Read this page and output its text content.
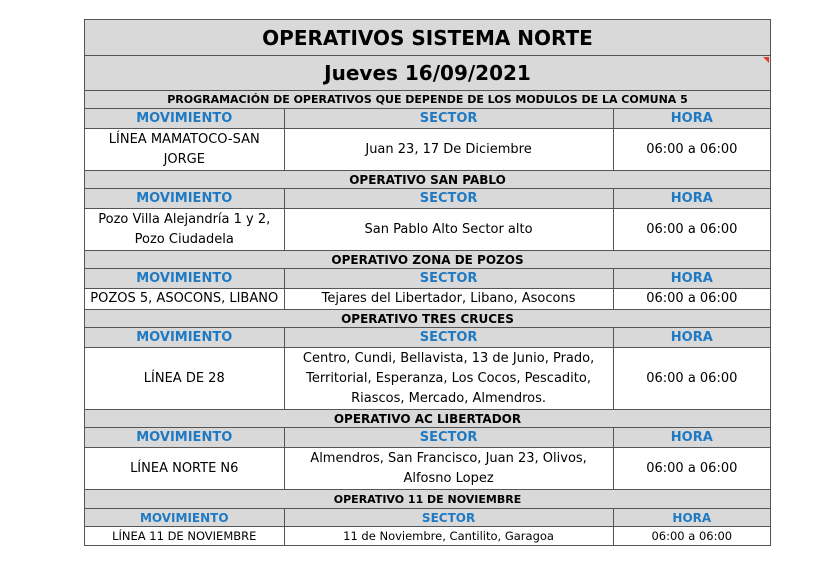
OPERATIVOS SISTEMA NORTE		
Jueves 16/09/2021		

PROGRAMACIÓN DE OPERATIVOS QUE DEPENDE DE LOS MODULOS DE LA COMUNA 5		
MOVIMIENTO	SECTOR	HORA
LÍNEA MAMATOCO-SAN JORGE	Juan 23, 17 De Diciembre	06:00 a 06:00
OPERATIVO SAN PABLO		
MOVIMIENTO	SECTOR	HORA
Pozo Villa Alejandría 1 y 2, Pozo Ciudadela	San Pablo Alto Sector alto	06:00 a 06:00
OPERATIVO ZONA DE POZOS		
MOVIMIENTO	SECTOR	HORA
POZOS 5, ASOCONS, LIBANO	Tejares del Libertador, Libano, Asocons	06:00 a 06:00
OPERATIVO TRES CRUCES		
MOVIMIENTO	SECTOR	HORA
LÍNEA DE 28	Centro, Cundi, Bellavista, 13 de Junio, Prado, Territorial, Esperanza, Los Cocos, Pescadito, Riascos, Mercado, Almendros.	06:00 a 06:00
OPERATIVO AC LIBERTADOR		
MOVIMIENTO	SECTOR	HORA
LÍNEA NORTE N6	Almendros, San Francisco, Juan 23, Olivos, Alfosno Lopez	06:00 a 06:00
OPERATIVO 11 DE NOVIEMBRE		
MOVIMIENTO	SECTOR	HORA
LÍNEA 11 DE NOVIEMBRE	11 de Noviembre, Cantilito, Garagoa	06:00 a 06:00
